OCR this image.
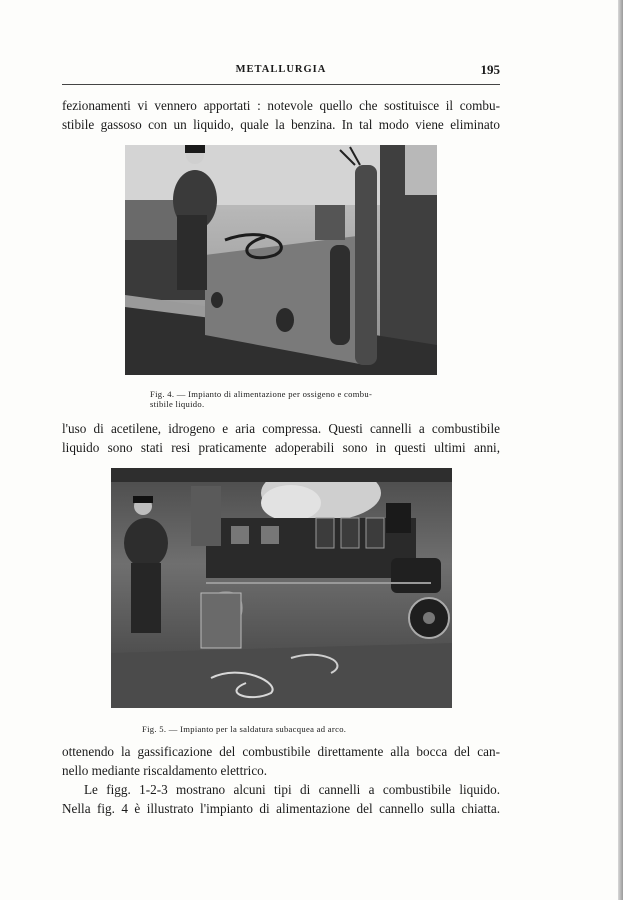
METALLURGIA	195
fezionamenti vi vennero apportati : notevole quello che sostituisce il combu-
stibile gassoso con un liquido, quale la benzina. In tal modo viene eliminato
Fig. 4. — Impianto di alimentazione per ossigeno e combu-
stibile liquido.
l'uso di acetilene, idrogeno e aria compressa. Questi cannelli a combustibile
liquido sono stati resi praticamente adoperabili sono in questi ultimi anni,
Fig. 5. — Impianto per la saldatura subacquea ad arco.
ottenendo la gassificazione del combustibile direttamente alla bocca del can-
nello mediante riscaldamento elettrico.
Le figg. 1-2-3 mostrano alcuni tipi di cannelli a combustibile liquido.
Nella fig. 4 è illustrato l'impianto di alimentazione del cannello sulla chiatta.
